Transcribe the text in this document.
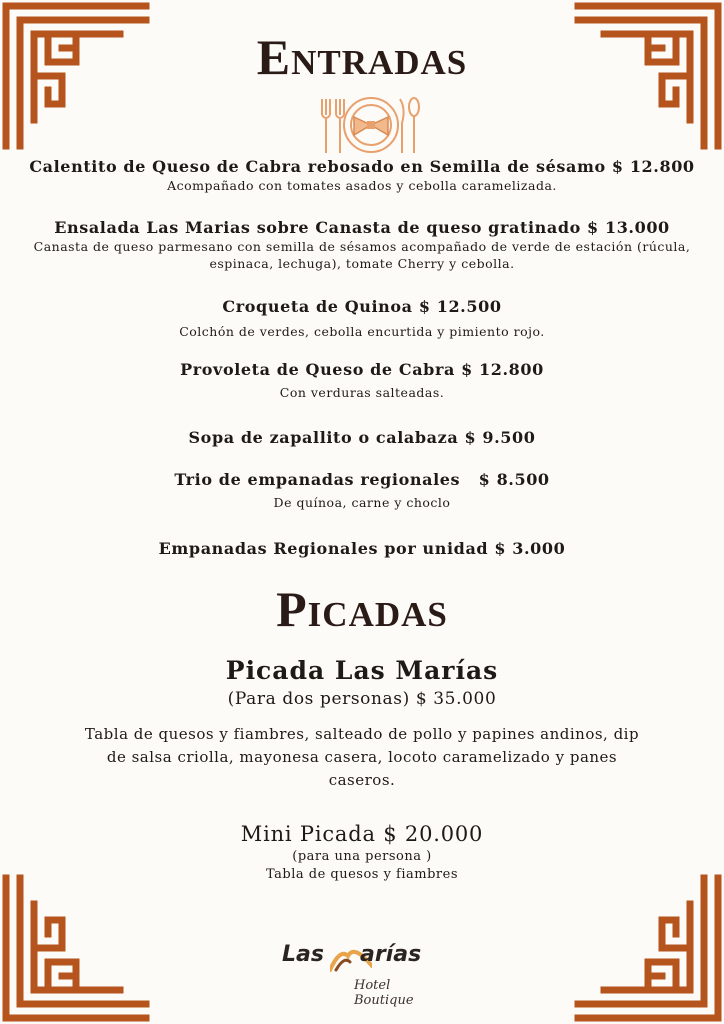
Entradas
Calentito de Queso de Cabra rebosado en Semilla de sésamo $ 12.800
Acompañado con tomates asados y cebolla caramelizada.
Ensalada Las Marias sobre Canasta de queso gratinado $ 13.000
Canasta de queso parmesano con semilla de sésamos acompañado de verde de estación (rúcula, espinaca, lechuga), tomate Cherry y cebolla.
Croqueta de Quinoa $ 12.500
Colchón de verdes, cebolla encurtida y pimiento rojo.
Provoleta de Queso de Cabra $ 12.800
Con verduras salteadas.
Sopa de zapallito o calabaza $ 9.500
Trio de empanadas regionales   $ 8.500
De quínoa, carne y choclo
Empanadas Regionales por unidad $ 3.000
Picadas
Picada Las Marías
(Para dos personas) $ 35.000
Tabla de quesos y fiambres, salteado de pollo y papines andinos, dip de salsa criolla, mayonesa casera, locoto caramelizado y panes caseros.
Mini Picada $ 20.000
(para una persona )
Tabla de quesos y fiambres
Las arías
Hotel Boutique
